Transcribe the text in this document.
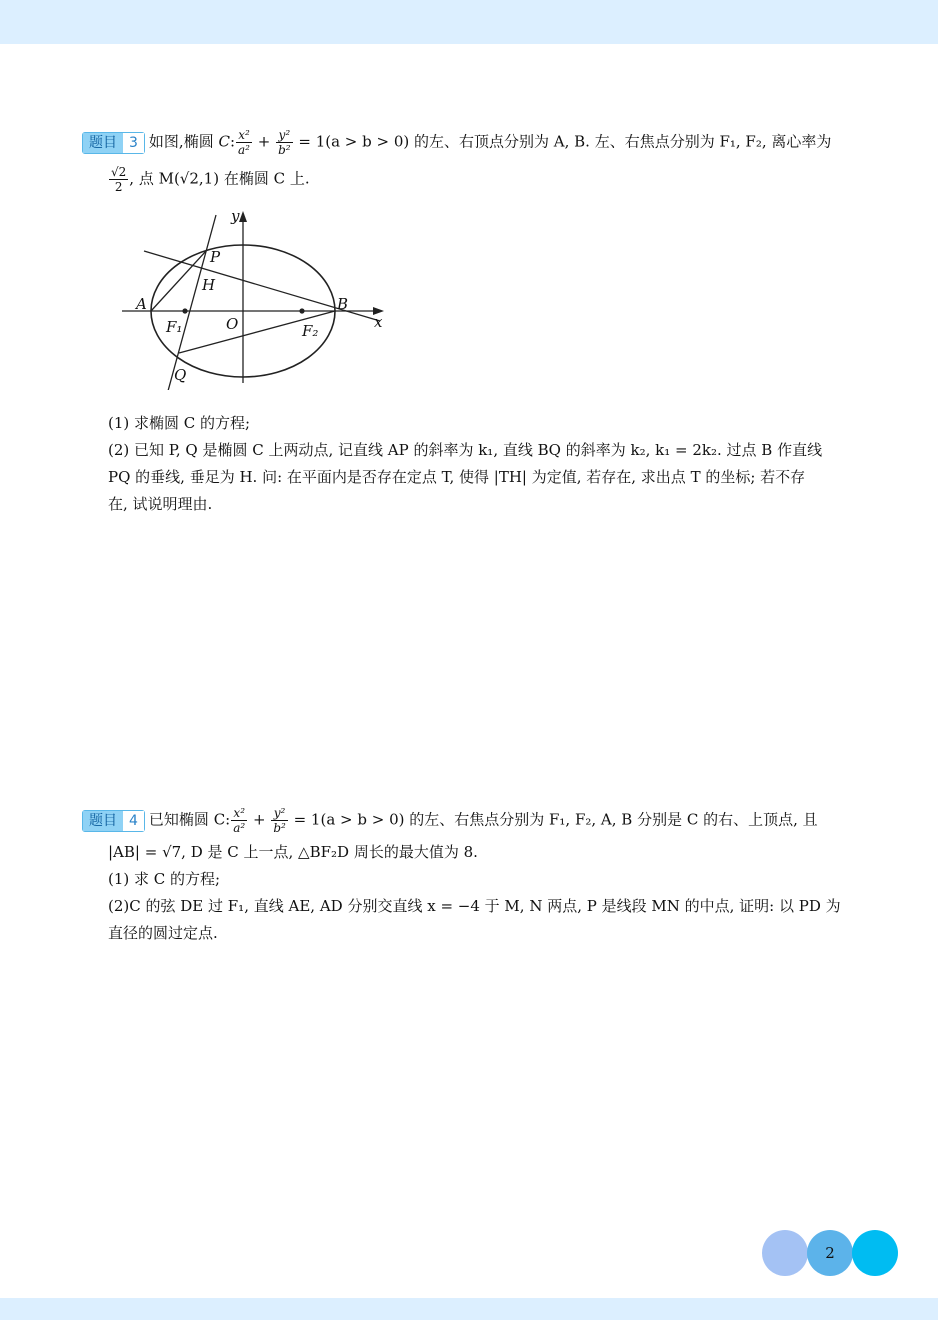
题目 3 如图,椭圆 C: $\frac{\text{x²}}{\text{a²}} + \frac{\text{y²}}{\text{b²}} = 1(a > b > 0)$ 的左、右顶点分别为 A, B. 左、右焦点分别为 F₁, F₂, 离心率为
$\frac{√2}{2}$ , 点 M(√2,1) 在椭圆 C 上.
y
x
A	B
P
H
O
Q
F₁	F₂
(1) 求椭圆 C 的方程;
(2) 已知 P, Q 是椭圆 C 上两动点, 记直线 AP 的斜率为 k₁, 直线 BQ 的斜率为 k₂, k₁ = 2k₂. 过点 B 作直线
PQ 的垂线, 垂足为 H. 问: 在平面内是否存在定点 T, 使得 |TH| 为定值, 若存在, 求出点 T 的坐标; 若不存
在, 试说明理由.
题目 4 已知椭圆 C: $\frac{\text{x²}}{\text{a²}} + \frac{\text{y²}}{\text{b²}} = 1(a > b > 0)$ 的左、右焦点分别为 F₁, F₂, A, B 分别是 C 的右、上顶点, 且
|AB| = √7, D 是 C 上一点, △BF₂D 周长的最大值为 8.
(1) 求 C 的方程;
(2)C 的弦 DE 过 F₁, 直线 AE, AD 分别交直线 x = −4 于 M, N 两点, P 是线段 MN 的中点, 证明: 以 PD 为
直径的圆过定点.
2
